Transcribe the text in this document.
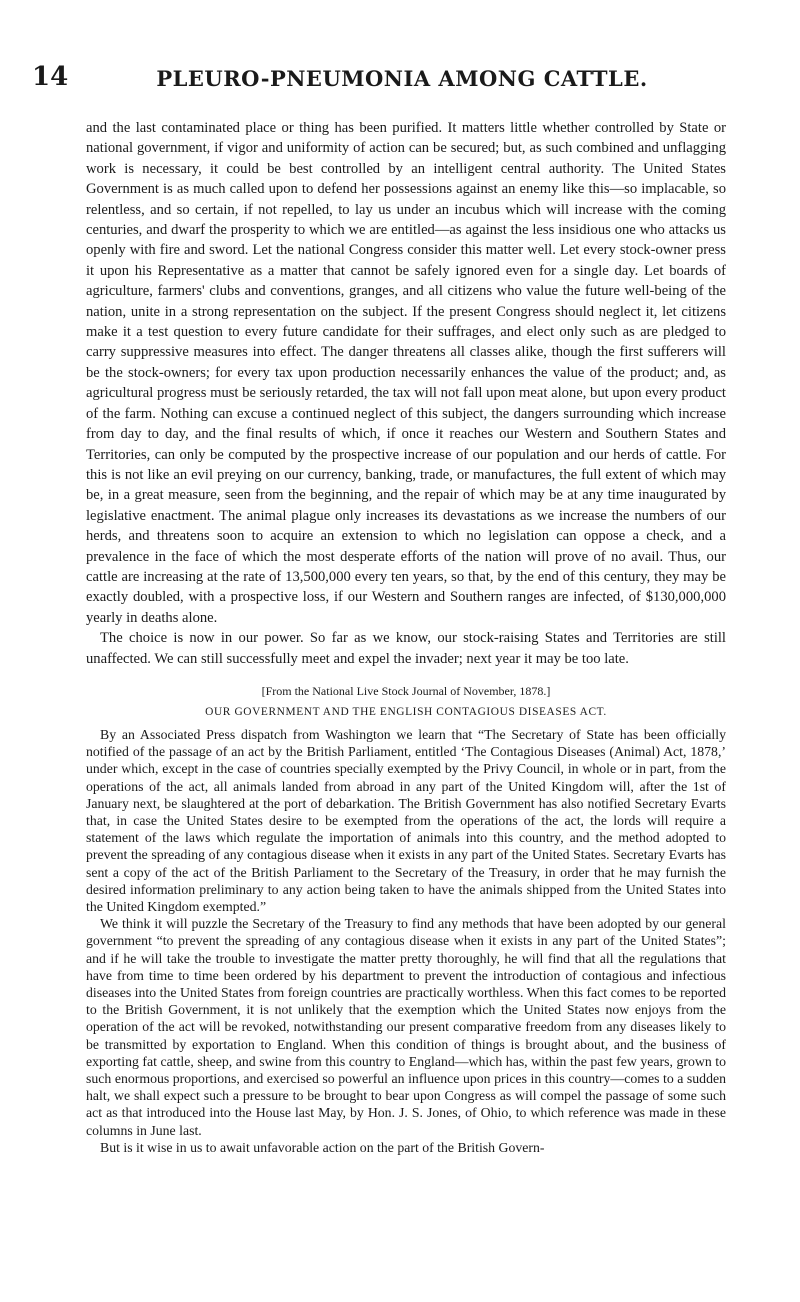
14	PLEURO-PNEUMONIA AMONG CATTLE.

and the last contaminated place or thing has been purified. It matters little whether controlled by State or national government, if vigor and uniformity of action can be secured; but, as such combined and unflagging work is necessary, it could be best controlled by an intelligent central authority. The United States Government is as much called upon to defend her possessions against an enemy like this—so implacable, so relentless, and so certain, if not repelled, to lay us under an incubus which will increase with the coming centuries, and dwarf the prosperity to which we are entitled—as against the less insidious one who attacks us openly with fire and sword. Let the national Congress consider this matter well. Let every stock-owner press it upon his Representative as a matter that cannot be safely ignored even for a single day. Let boards of agriculture, farmers' clubs and conventions, granges, and all citizens who value the future well-being of the nation, unite in a strong representation on the subject. If the present Congress should neglect it, let citizens make it a test question to every future candidate for their suffrages, and elect only such as are pledged to carry suppressive measures into effect. The danger threatens all classes alike, though the first sufferers will be the stock-owners; for every tax upon production necessarily enhances the value of the product; and, as agricultural progress must be seriously retarded, the tax will not fall upon meat alone, but upon every product of the farm. Nothing can excuse a continued neglect of this subject, the dangers surrounding which increase from day to day, and the final results of which, if once it reaches our Western and Southern States and Territories, can only be computed by the prospective increase of our population and our herds of cattle. For this is not like an evil preying on our currency, banking, trade, or manufactures, the full extent of which may be, in a great measure, seen from the beginning, and the repair of which may be at any time inaugurated by legislative enactment. The animal plague only increases its devastations as we increase the numbers of our herds, and threatens soon to acquire an extension to which no legislation can oppose a check, and a prevalence in the face of which the most desperate efforts of the nation will prove of no avail. Thus, our cattle are increasing at the rate of 13,500,000 every ten years, so that, by the end of this century, they may be exactly doubled, with a prospective loss, if our Western and Southern ranges are infected, of $130,000,000 yearly in deaths alone.

The choice is now in our power. So far as we know, our stock-raising States and Territories are still unaffected. We can still successfully meet and expel the invader; next year it may be too late.

[From the National Live Stock Journal of November, 1878.]
OUR GOVERNMENT AND THE ENGLISH CONTAGIOUS DISEASES ACT.

By an Associated Press dispatch from Washington we learn that “The Secretary of State has been officially notified of the passage of an act by the British Parliament, entitled ‘The Contagious Diseases (Animal) Act, 1878,’ under which, except in the case of countries specially exempted by the Privy Council, in whole or in part, from the operations of the act, all animals landed from abroad in any part of the United Kingdom will, after the 1st of January next, be slaughtered at the port of debarkation. The British Government has also notified Secretary Evarts that, in case the United States desire to be exempted from the operations of the act, the lords will require a statement of the laws which regulate the importation of animals into this country, and the method adopted to prevent the spreading of any contagious disease when it exists in any part of the United States. Secretary Evarts has sent a copy of the act of the British Parliament to the Secretary of the Treasury, in order that he may furnish the desired information preliminary to any action being taken to have the animals shipped from the United States into the United Kingdom exempted.”

We think it will puzzle the Secretary of the Treasury to find any methods that have been adopted by our general government “to prevent the spreading of any contagious disease when it exists in any part of the United States”; and if he will take the trouble to investigate the matter pretty thoroughly, he will find that all the regulations that have from time to time been ordered by his department to prevent the introduction of contagious and infectious diseases into the United States from foreign countries are practically worthless. When this fact comes to be reported to the British Government, it is not unlikely that the exemption which the United States now enjoys from the operation of the act will be revoked, notwithstanding our present comparative freedom from any diseases likely to be transmitted by exportation to England. When this condition of things is brought about, and the business of exporting fat cattle, sheep, and swine from this country to England—which has, within the past few years, grown to such enormous proportions, and exercised so powerful an influence upon prices in this country—comes to a sudden halt, we shall expect such a pressure to be brought to bear upon Congress as will compel the passage of some such act as that introduced into the House last May, by Hon. J. S. Jones, of Ohio, to which reference was made in these columns in June last.

But is it wise in us to await unfavorable action on the part of the British Govern-
